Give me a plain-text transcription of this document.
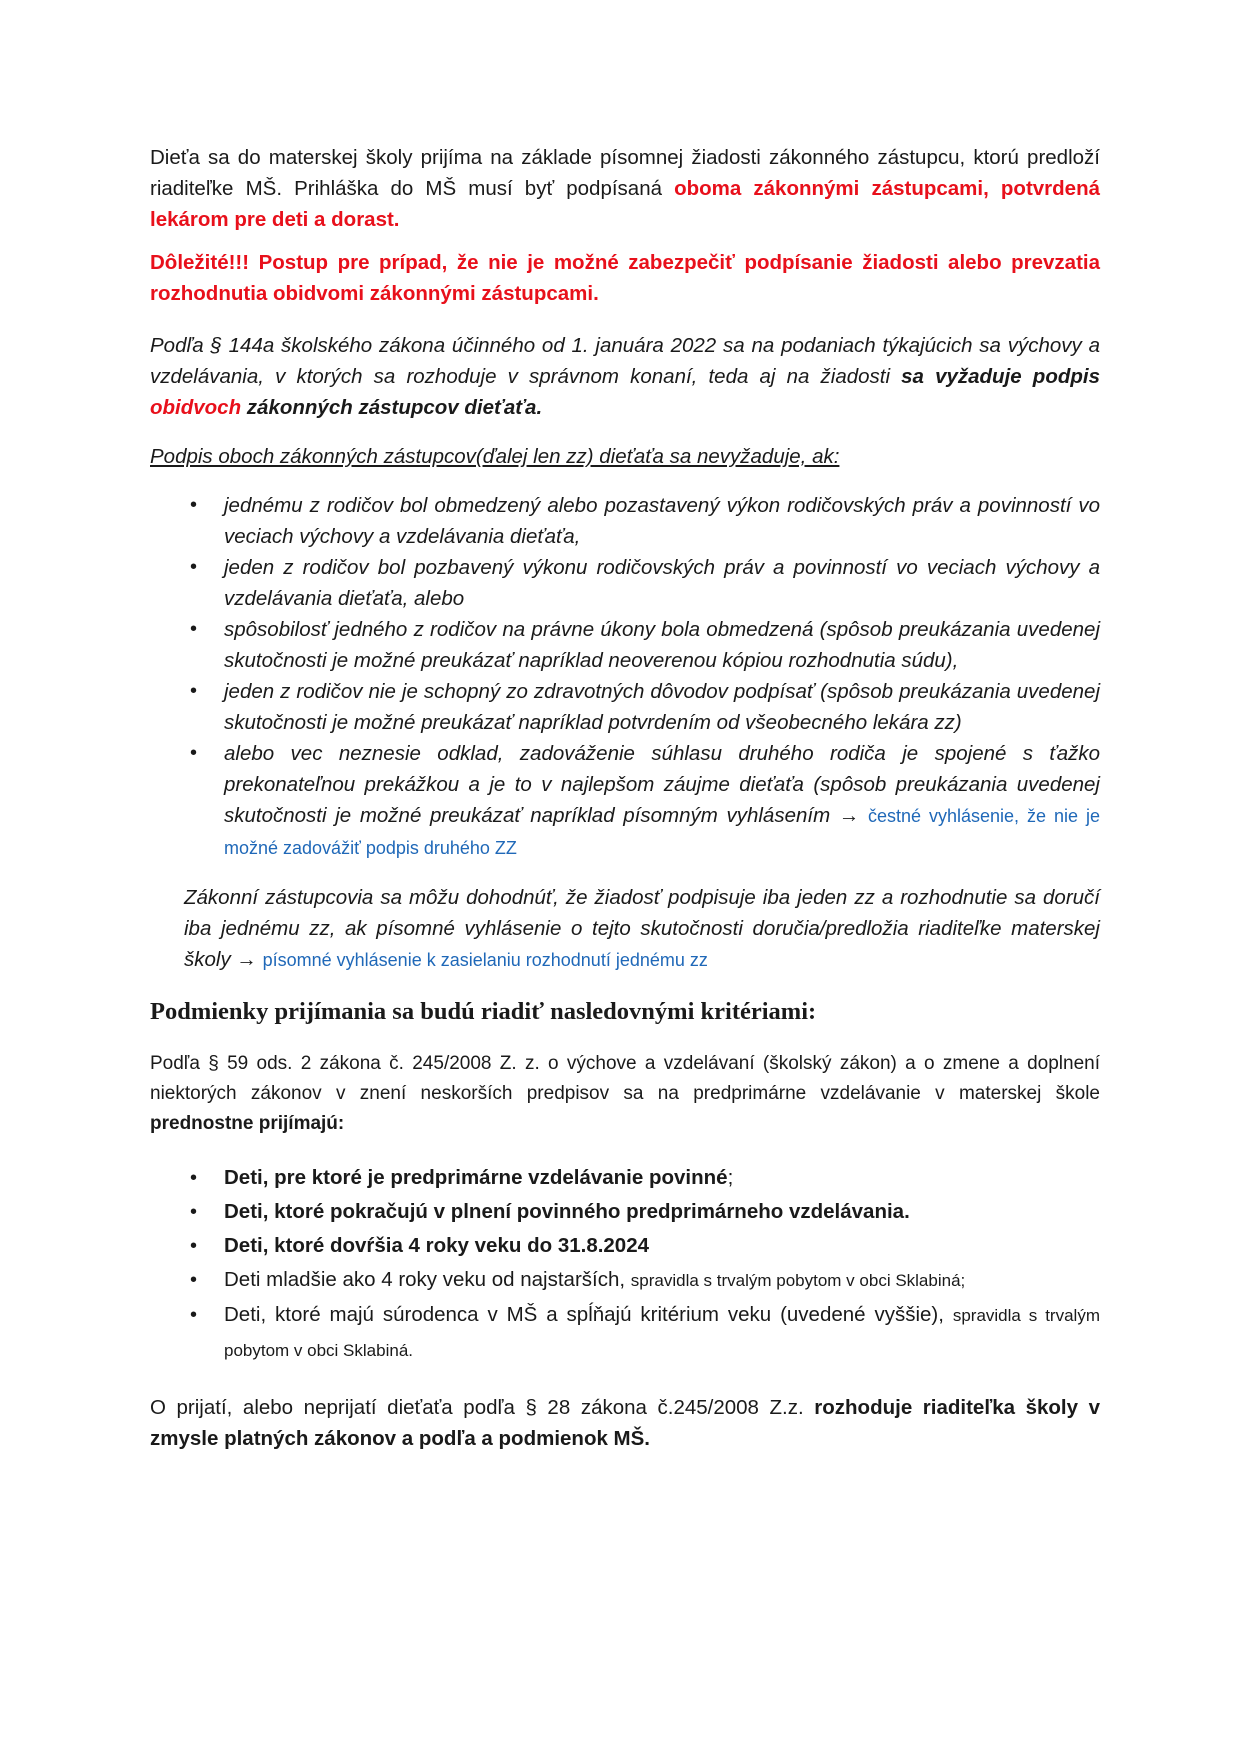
Dieťa sa do materskej školy prijíma na základe písomnej žiadosti zákonného zástupcu, ktorú predloží riaditeľke MŠ. Prihláška do MŠ musí byť podpísaná oboma zákonnými zástupcami, potvrdená lekárom pre deti a dorast.

Dôležité!!! Postup pre prípad, že nie je možné zabezpečiť podpísanie žiadosti alebo prevzatia rozhodnutia obidvomi zákonnými zástupcami.

Podľa § 144a školského zákona účinného od 1. januára 2022 sa na podaniach týkajúcich sa výchovy a vzdelávania, v ktorých sa rozhoduje v správnom konaní, teda aj na žiadosti sa vyžaduje podpis obidvoch zákonných zástupcov dieťaťa.

Podpis oboch zákonných zástupcov(ďalej len zz) dieťaťa sa nevyžaduje, ak:

• jednému z rodičov bol obmedzený alebo pozastavený výkon rodičovských práv a povinností vo veciach výchovy a vzdelávania dieťaťa,
• jeden z rodičov bol pozbavený výkonu rodičovských práv a povinností vo veciach výchovy a vzdelávania dieťaťa, alebo
• spôsobilosť jedného z rodičov na právne úkony bola obmedzená (spôsob preukázania uvedenej skutočnosti je možné preukázať napríklad neoverenou kópiou rozhodnutia súdu),
• jeden z rodičov nie je schopný zo zdravotných dôvodov podpísať (spôsob preukázania uvedenej skutočnosti je možné preukázať napríklad potvrdením od všeobecného lekára zz)
• alebo vec neznesie odklad, zadováženie súhlasu druhého rodiča je spojené s ťažko prekonateľnou prekážkou a je to v najlepšom záujme dieťaťa (spôsob preukázania uvedenej skutočnosti je možné preukázať napríklad písomným vyhlásením → čestné vyhlásenie, že nie je možné zadovážiť podpis druhého ZZ

Zákonní zástupcovia sa môžu dohodnúť, že žiadosť podpisuje iba jeden zz a rozhodnutie sa doručí iba jednému zz, ak písomné vyhlásenie o tejto skutočnosti doručia/predložia riaditeľke materskej školy → písomné vyhlásenie k zasielaniu rozhodnutí jednému zz

Podmienky prijímania sa budú riadiť nasledovnými kritériami:

Podľa § 59 ods. 2 zákona č. 245/2008 Z. z. o výchove a vzdelávaní (školský zákon) a o zmene a doplnení niektorých zákonov v znení neskorších predpisov sa na predprimárne vzdelávanie v materskej škole prednostne prijímajú:

• Deti, pre ktoré je predprimárne vzdelávanie povinné;
• Deti, ktoré pokračujú v plnení povinného predprimárneho vzdelávania.
• Deti, ktoré dovŕšia 4 roky veku do 31.8.2024
• Deti mladšie ako 4 roky veku od najstarších, spravidla s trvalým pobytom v obci Sklabiná;
• Deti, ktoré majú súrodenca v MŠ a spĺňajú kritérium veku (uvedené vyššie), spravidla s trvalým pobytom v obci Sklabiná.

O prijatí, alebo neprijatí dieťaťa podľa § 28 zákona č.245/2008 Z.z. rozhoduje riaditeľka školy v zmysle platných zákonov a podľa a podmienok MŠ.
